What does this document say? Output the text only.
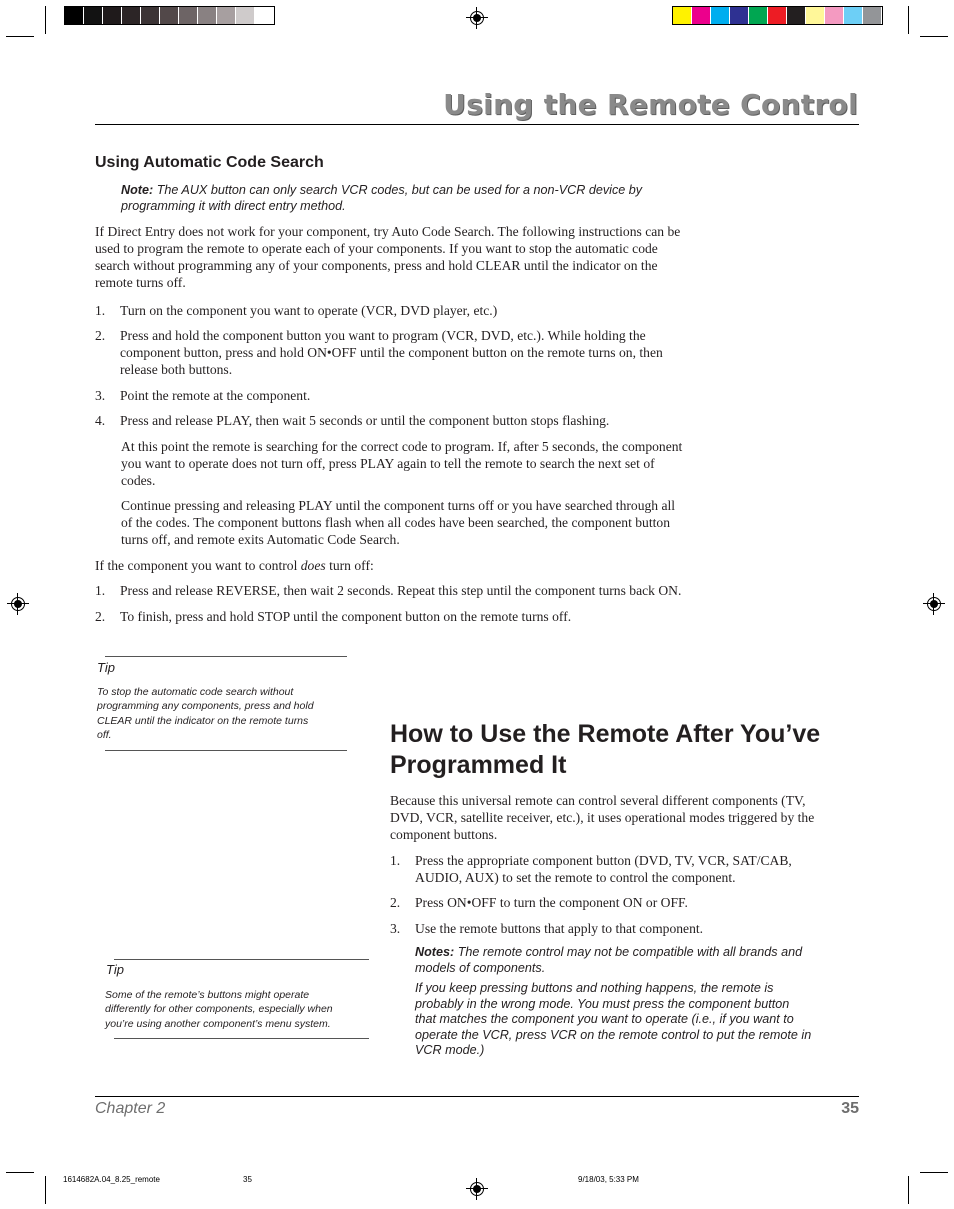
Using the Remote Control
Using Automatic Code Search
Note: The AUX button can only search VCR codes, but can be used for a non-VCR device by
programming it with direct entry method.
If Direct Entry does not work for your component, try Auto Code Search. The following instructions can be
used to program the remote to operate each of your components. If you want to stop the automatic code
search without programming any of your components, press and hold CLEAR until the indicator on the
remote turns off.
1. Turn on the component you want to operate (VCR, DVD player, etc.)
2. Press and hold the component button you want to program (VCR, DVD, etc.). While holding the
component button, press and hold ON•OFF until the component button on the remote turns on, then
release both buttons.
3. Point the remote at the component.
4. Press and release PLAY, then wait 5 seconds or until the component button stops flashing.
At this point the remote is searching for the correct code to program. If, after 5 seconds, the component
you want to operate does not turn off, press PLAY again to tell the remote to search the next set of
codes.
Continue pressing and releasing PLAY until the component turns off or you have searched through all
of the codes. The component buttons flash when all codes have been searched, the component button
turns off, and remote exits Automatic Code Search.
If the component you want to control does turn off:
1. Press and release REVERSE, then wait 2 seconds. Repeat this step until the component turns back ON.
2. To finish, press and hold STOP until the component button on the remote turns off.
Tip
To stop the automatic code search without
programming any components, press and hold
CLEAR until the indicator on the remote turns
off.	How to Use the Remote After You’ve
Programmed It
Because this universal remote can control several different components (TV,
DVD, VCR, satellite receiver, etc.), it uses operational modes triggered by the
component buttons.
1. Press the appropriate component button (DVD, TV, VCR, SAT/CAB,
AUDIO, AUX) to set the remote to control the component.
2. Press ON•OFF to turn the component ON or OFF.
3. Use the remote buttons that apply to that component.
Notes: The remote control may not be compatible with all brands and
models of components.
If you keep pressing buttons and nothing happens, the remote is
probably in the wrong mode. You must press the component button
that matches the component you want to operate (i.e., if you want to
operate the VCR, press VCR on the remote control to put the remote in
VCR mode.)
Tip
Some of the remote’s buttons might operate
differently for other components, especially when
you’re using another component’s menu system.
Chapter 2	35
1614682A.04_8.25_remote	35	9/18/03, 5:33 PM
